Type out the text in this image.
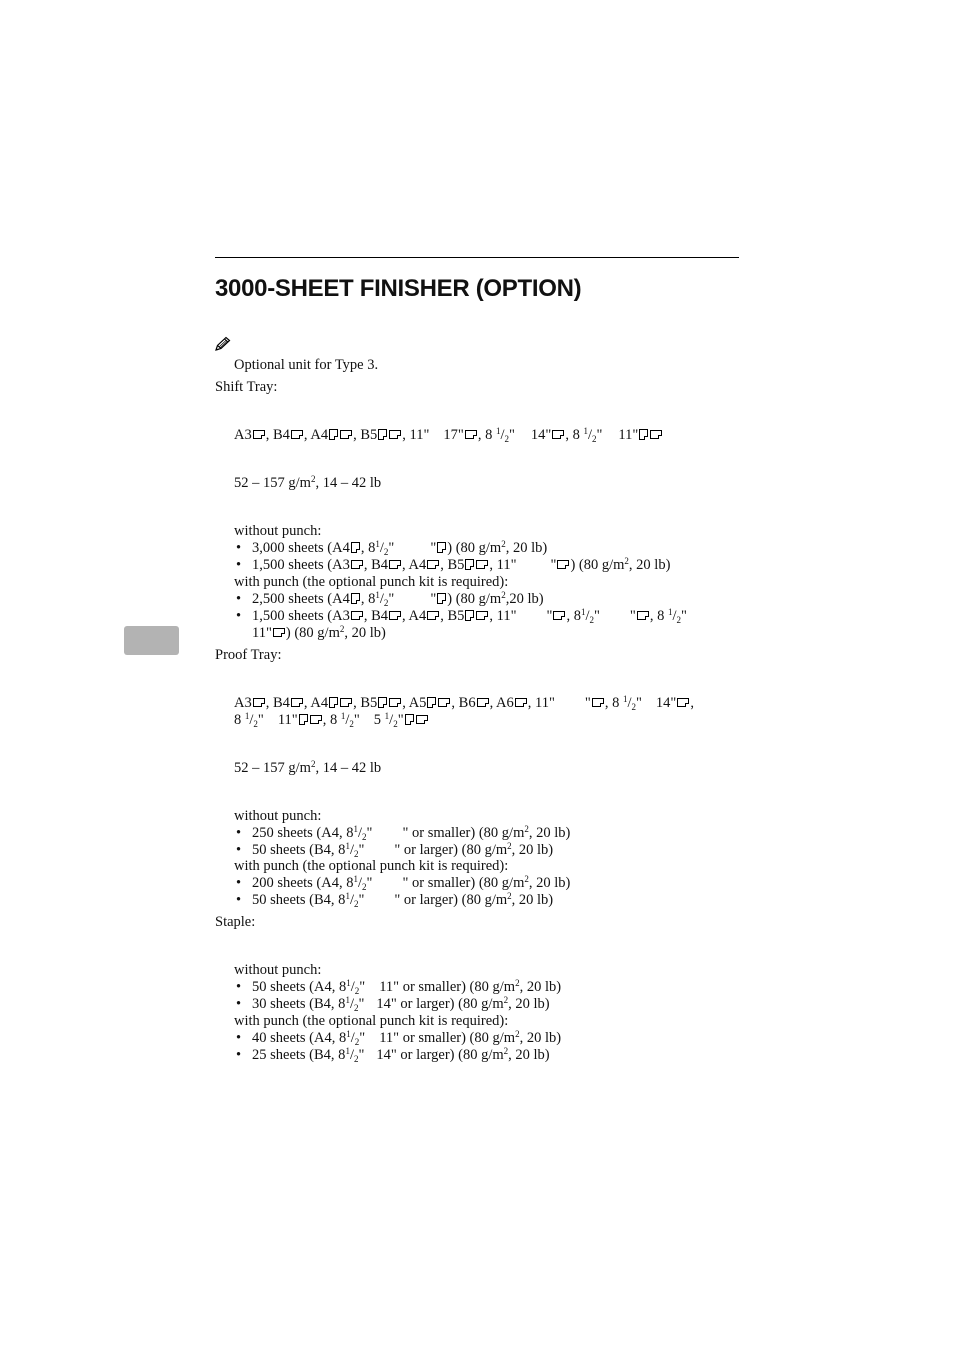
3000-SHEET FINISHER (OPTION)
Optional unit for Type 3.
Shift Tray:
A3 , B4 , A4 , B5 , 11" 17" , 8 $^1/_2$" 14" , 8 $^1/_2$" 11"
52 – 157 $g/m^2$, 14 – 42 lb
without punch:
• 3,000 sheets (A4 , $8^1/_2$" " ) (80 $g/m^2$, 20 lb)
• 1,500 sheets (A3 , B4 , A4 , B5 , 11" " ) (80 $g/m^2$, 20 lb)
with punch (the optional punch kit is required):
• 2,500 sheets (A4 , $8^1/_2$" " ) (80 $g/m^2,20$ lb)
• 1,500 sheets (A3 , B4 , A4 , B5 , 11" " , $8^1/_2$" " , 8 $^1/_2$"
11" ) (80 $g/m^2$, 20 lb)
Proof Tray:
A3 , B4 , A4 , B5 , A5 , B6 , A6 , 11" " , 8 $^1/_2$" 14" ,
8 $^1/_2$" 11" , 8 $^1/_2$" 5 $^1/_2$"
52 – 157 $g/m^2$, 14 – 42 lb
without punch:
• 250 sheets (A4, $8^1/_2$" " or smaller) (80 $g/m^2$, 20 lb)
• 50 sheets (B4, $8^1/_2$" " or larger) (80 $g/m^2$, 20 lb)
with punch (the optional punch kit is required):
• 200 sheets (A4, $8^1/_2$" " or smaller) (80 $g/m^2$, 20 lb)
• 50 sheets (B4, $8^1/_2$" " or larger) (80 $g/m^2$, 20 lb)
Staple:
without punch:
• 50 sheets (A4, $8^1/_2$" 11" or smaller) (80 $g/m^2$, 20 lb)
• 30 sheets (B4, $8^1/_2$" 14" or larger) (80 $g/m^2$, 20 lb)
with punch (the optional punch kit is required):
• 40 sheets (A4, $8^1/_2$" 11" or smaller) (80 $g/m^2$, 20 lb)
• 25 sheets (B4, $8^1/_2$" 14" or larger) (80 $g/m^2$, 20 lb)
